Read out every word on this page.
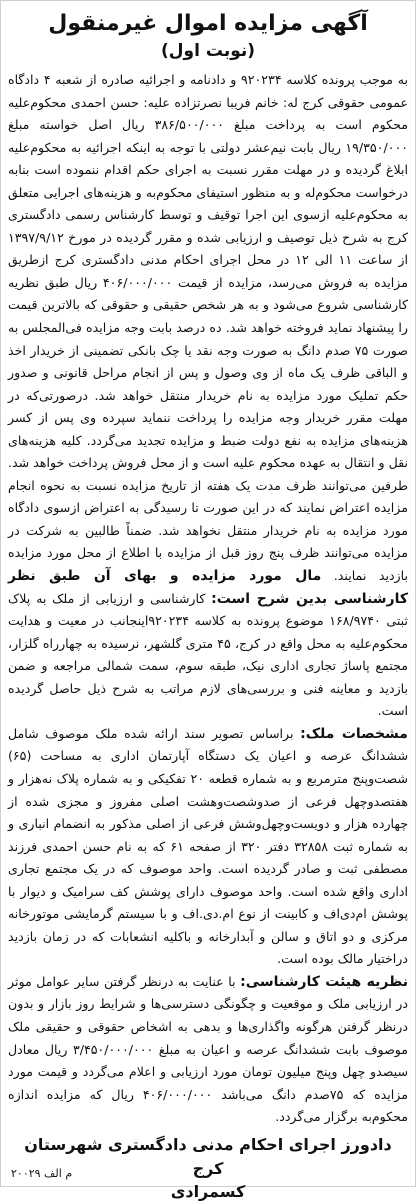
آگهی مزایده اموال غیرمنقول
(نوبت اول)

به موجب پرونده کلاسه ۹۲۰۲۳۴ و دادنامه و اجرائیه صادره از شعبه ۴ دادگاه عمومی حقوقی کرج له: خانم فریبا نصرتزاده علیه: حسن احمدی محکوم‌علیه محکوم است به پرداخت مبلغ ۳۸۶/۵۰۰/۰۰۰ ریال اصل خواسته مبلغ ۱۹/۳۵۰/۰۰۰ ریال بابت نیم‌عشر دولتی با توجه به اینکه اجرائیه به محکوم‌علیه ابلاغ گردیده و در مهلت مقرر نسبت به اجرای حکم اقدام ننموده است بنابه درخواست محکوم‌له و به منظور استیفای محکوم‌به و هزینه‌های اجرایی متعلق به محکوم‌علیه ازسوی این اجرا توقیف و توسط کارشناس رسمی دادگستری کرج به شرح ذیل توصیف و ارزیابی شده و مقرر گردیده در مورخ ۱۳۹۷/۹/۱۲ از ساعت ۱۱ الی ۱۲ در محل اجرای احکام مدنی دادگستری کرج ازطریق مزایده به فروش می‌رسد، مزایده از قیمت ۴۰۶/۰۰۰/۰۰۰ ریال طبق نظریه کارشناسی شروع می‌شود و به هر شخص حقیقی و حقوقی که بالاترین قیمت را پیشنهاد نماید فروخته خواهد شد. ده درصد بابت وجه مزایده فی‌المجلس به صورت ۷۵ صدم دانگ به صورت وجه نقد یا چک بانکی تضمینی از خریدار اخذ و الباقی ظرف یک ماه از وی وصول و پس از انجام مراحل قانونی و صدور حکم تملیک مورد مزایده به نام خریدار منتقل خواهد شد. درصورتی‌که در مهلت مقرر خریدار وجه مزایده را پرداخت ننماید سپرده وی پس از کسر هزینه‌های مزایده به نفع دولت ضبط و مزایده تجدید می‌گردد. کلیه هزینه‌های نقل و انتقال به عهده محکوم علیه است و از محل فروش پرداخت خواهد شد. طرفین می‌توانند ظرف مدت یک هفته از تاریخ مزایده نسبت به نحوه انجام مزایده اعتراض نمایند که در این صورت تا رسیدگی به اعتراض ازسوی دادگاه مورد مزایده به نام خریدار منتقل نخواهد شد. ضمناً طالبین به شرکت در مزایده می‌توانند ظرف پنج روز قبل از مزایده با اطلاع از محل مورد مزایده بازدید نمایند. مال مورد مزایده و بهای آن طبق نظر کارشناسی بدین شرح است: کارشناسی و ارزیابی از ملک به پلاک ثبتی ۱۶۸/۹۷۴۰ موضوع پرونده به کلاسه ۹۲۰۲۳۴اینجانب در معیت و هدایت محکوم‌علیه به محل واقع در کرج، ۴۵ متری گلشهر، نرسیده به چهارراه گلزار، مجتمع پاساژ تجاری اداری نیک، طبقه سوم، سمت شمالی مراجعه و ضمن بازدید و معاینه فنی و بررسی‌های لازم مراتب به شرح ذیل حاصل گردیده است.

مشخصات ملک: براساس تصویر سند ارائه شده ملک موصوف شامل ششدانگ عرصه و اعیان یک دستگاه آپارتمان اداری به مساحت (۶۵) شصت‌وپنج مترمربع و به شماره قطعه ۲۰ تفکیکی و به شماره پلاک نه‌هزار و هفتصدوچهل فرعی از صدوشصت‌وهشت اصلی مفروز و مجزی شده از چهارده هزار و دویست‌وچهل‌وشش فرعی از اصلی مذکور به انضمام انباری و به شماره ثبت ۳۲۸۵۸ دفتر ۳۲۰ از صفحه ۶۱ که به نام حسن احمدی فرزند مصطفی ثبت و صادر گردیده است. واحد موصوف که در یک مجتمع تجاری اداری واقع شده است. واحد موصوف دارای پوشش کف سرامیک و دیوار با پوشش ام‌دی‌اف و کابینت از نوع ام.دی.اف و با سیستم گرمایشی موتورخانه مرکزی و دو اتاق و سالن و آبدارخانه و باکلیه انشعابات که در زمان بازدید دراختیار مالک بوده است.

نظریه هیئت کارشناسی: با عنایت به درنظر گرفتن سایر عوامل موثر در ارزیابی ملک و موقعیت و چگونگی دسترسی‌ها و شرایط روز بازار و بدون درنظر گرفتن هرگونه واگذاری‌ها و بدهی به اشخاص حقوقی و حقیقی ملک موصوف بابت ششدانگ عرصه و اعیان به مبلغ ۳/۴۵۰/۰۰۰/۰۰۰ ریال معادل سیصدو چهل وپنج میلیون تومان مورد ارزیابی و اعلام می‌گردد و قیمت مورد مزایده که ۷۵صدم دانگ می‌باشد ۴۰۶/۰۰۰/۰۰۰ ریال که مزایده اندازه محکوم‌به برگزار می‌گردد.

دادورز اجرای احکام مدنی دادگستری شهرستان کرج
کسمرادی
م الف ۲۰۰۲۹
